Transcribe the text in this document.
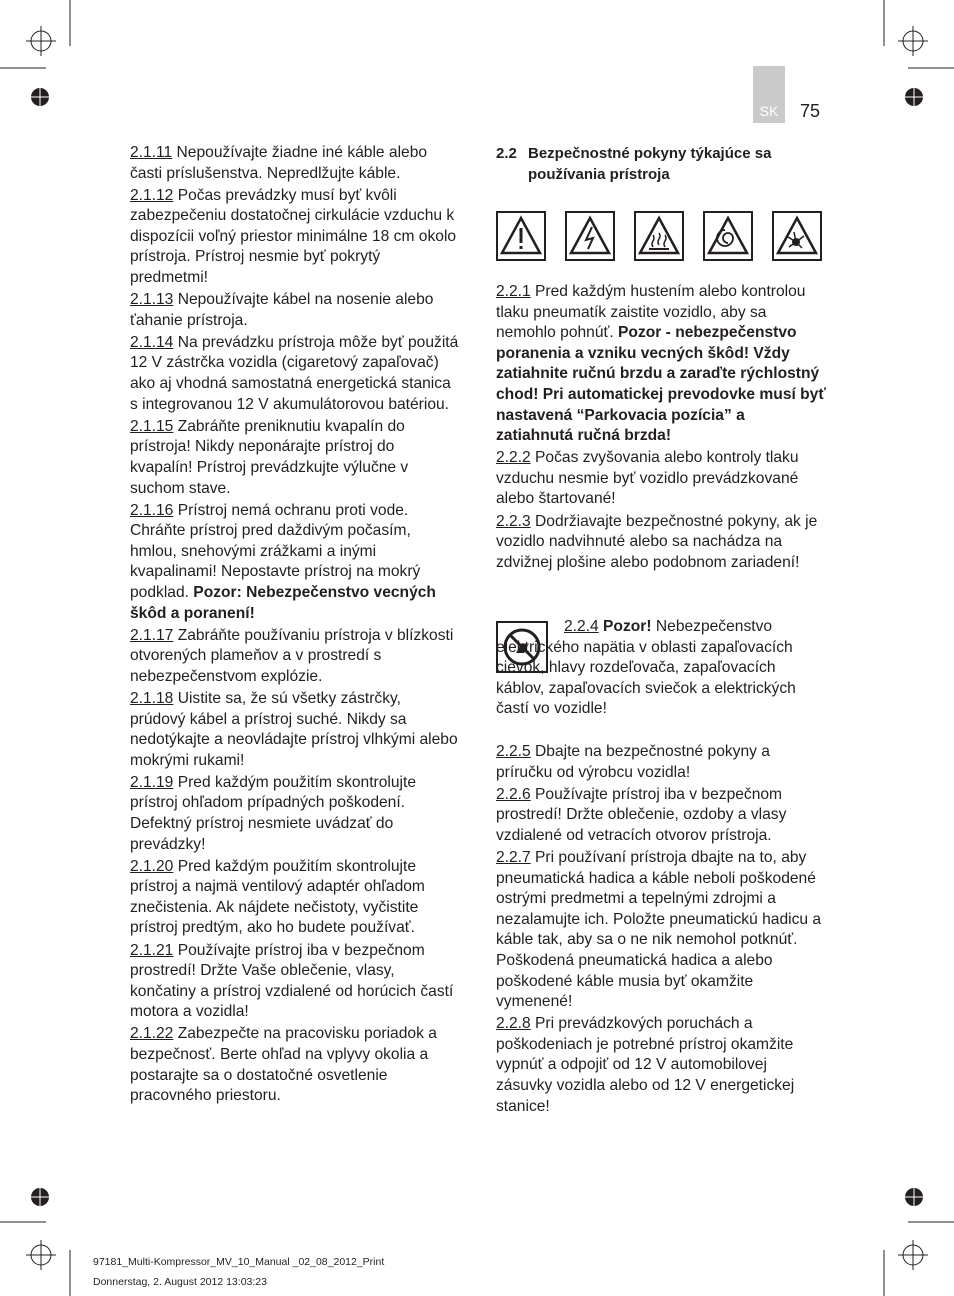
SK	75

2.1.11 Nepoužívajte žiadne iné káble alebo časti príslušenstva. Nepredlžujte káble.

2.1.12 Počas prevádzky musí byť kvôli zabezpečeniu dostatočnej cirkulácie vzduchu k dispozícii voľný priestor minimálne 18 cm okolo prístroja. Prístroj nesmie byť pokrytý predmetmi!

2.1.13 Nepoužívajte kábel na nosenie alebo ťahanie prístroja.

2.1.14 Na prevádzku prístroja môže byť použitá 12 V zástrčka vozidla (cigaretový zapaľovač) ako aj vhodná samostatná energetická stanica s integrovanou 12 V akumulátorovou batériou.

2.1.15 Zabráňte preniknutiu kvapalín do prístroja! Nikdy neponárajte prístroj do kvapalín! Prístroj prevádzkujte výlučne v suchom stave.

2.1.16 Prístroj nemá ochranu proti vode. Chráňte prístroj pred daždivým počasím, hmlou, snehovými zrážkami a inými kvapalinami! Nepostavte prístroj na mokrý podklad. Pozor: Nebezpečenstvo vecných škôd a poranení!

2.1.17 Zabráňte používaniu prístroja v blízkosti otvorených plameňov a v prostredí s nebezpečenstvom explózie.

2.1.18 Uistite sa, že sú všetky zástrčky, prúdový kábel a prístroj suché. Nikdy sa nedotýkajte a neovládajte prístroj vlhkými alebo mokrými rukami!

2.1.19 Pred každým použitím skontrolujte prístroj ohľadom prípadných poškodení. Defektný prístroj nesmiete uvádzať do prevádzky!

2.1.20 Pred každým použitím skontrolujte prístroj a najmä ventilový adaptér ohľadom znečistenia. Ak nájdete nečistoty, vyčistite prístroj predtým, ako ho budete používať.

2.1.21 Používajte prístroj iba v bezpečnom prostredí! Držte Vaše oblečenie, vlasy, končatiny a prístroj vzdialené od horúcich častí motora a vozidla!

2.1.22 Zabezpečte na pracovisku poriadok a bezpečnosť. Berte ohľad na vplyvy okolia a postarajte sa o dostatočné osvetlenie pracovného priestoru.

2.2 Bezpečnostné pokyny týkajúce sa používania prístroja

2.2.1 Pred každým hustením alebo kontrolou tlaku pneumatík zaistite vozidlo, aby sa nemohlo pohnúť. Pozor - nebezpečenstvo poranenia a vzniku vecných škôd! Vždy zatiahnite ručnú brzdu a zaraďte rýchlostný chod! Pri automatickej prevodovke musí byť nastavená “Parkovacia pozícia” a zatiahnutá ručná brzda!

2.2.2 Počas zvyšovania alebo kontroly tlaku vzduchu nesmie byť vozidlo prevádzkované alebo štartované!

2.2.3 Dodržiavajte bezpečnostné pokyny, ak je vozidlo nadvihnuté alebo sa nachádza na zdvižnej plošine alebo podobnom zariadení!

2.2.4 Pozor! Nebezpečenstvo elektrického napätia v oblasti zapaľovacích cievok, hlavy rozdeľovača, zapaľovacích káblov, zapaľovacích sviečok a elektrických častí vo vozidle!

2.2.5 Dbajte na bezpečnostné pokyny a príručku od výrobcu vozidla!

2.2.6 Používajte prístroj iba v bezpečnom prostredí! Držte oblečenie, ozdoby a vlasy vzdialené od vetracích otvorov prístroja.

2.2.7 Pri používaní prístroja dbajte na to, aby pneumatická hadica a káble neboli poškodené ostrými predmetmi a tepelnými zdrojmi a nezalamujte ich. Položte pneumatickú hadicu a káble tak, aby sa o ne nik nemohol potknúť. Poškodená pneumatická hadica a alebo poškodené káble musia byť okamžite vymenené!

2.2.8 Pri prevádzkových poruchách a poškodeniach je potrebné prístroj okamžite vypnúť a odpojiť od 12 V automobilovej zásuvky vozidla alebo od 12 V energetickej stanice!

97181_Multi-Kompressor_MV_10_Manual _02_08_2012_Print
Donnerstag, 2. August 2012 13:03:23
